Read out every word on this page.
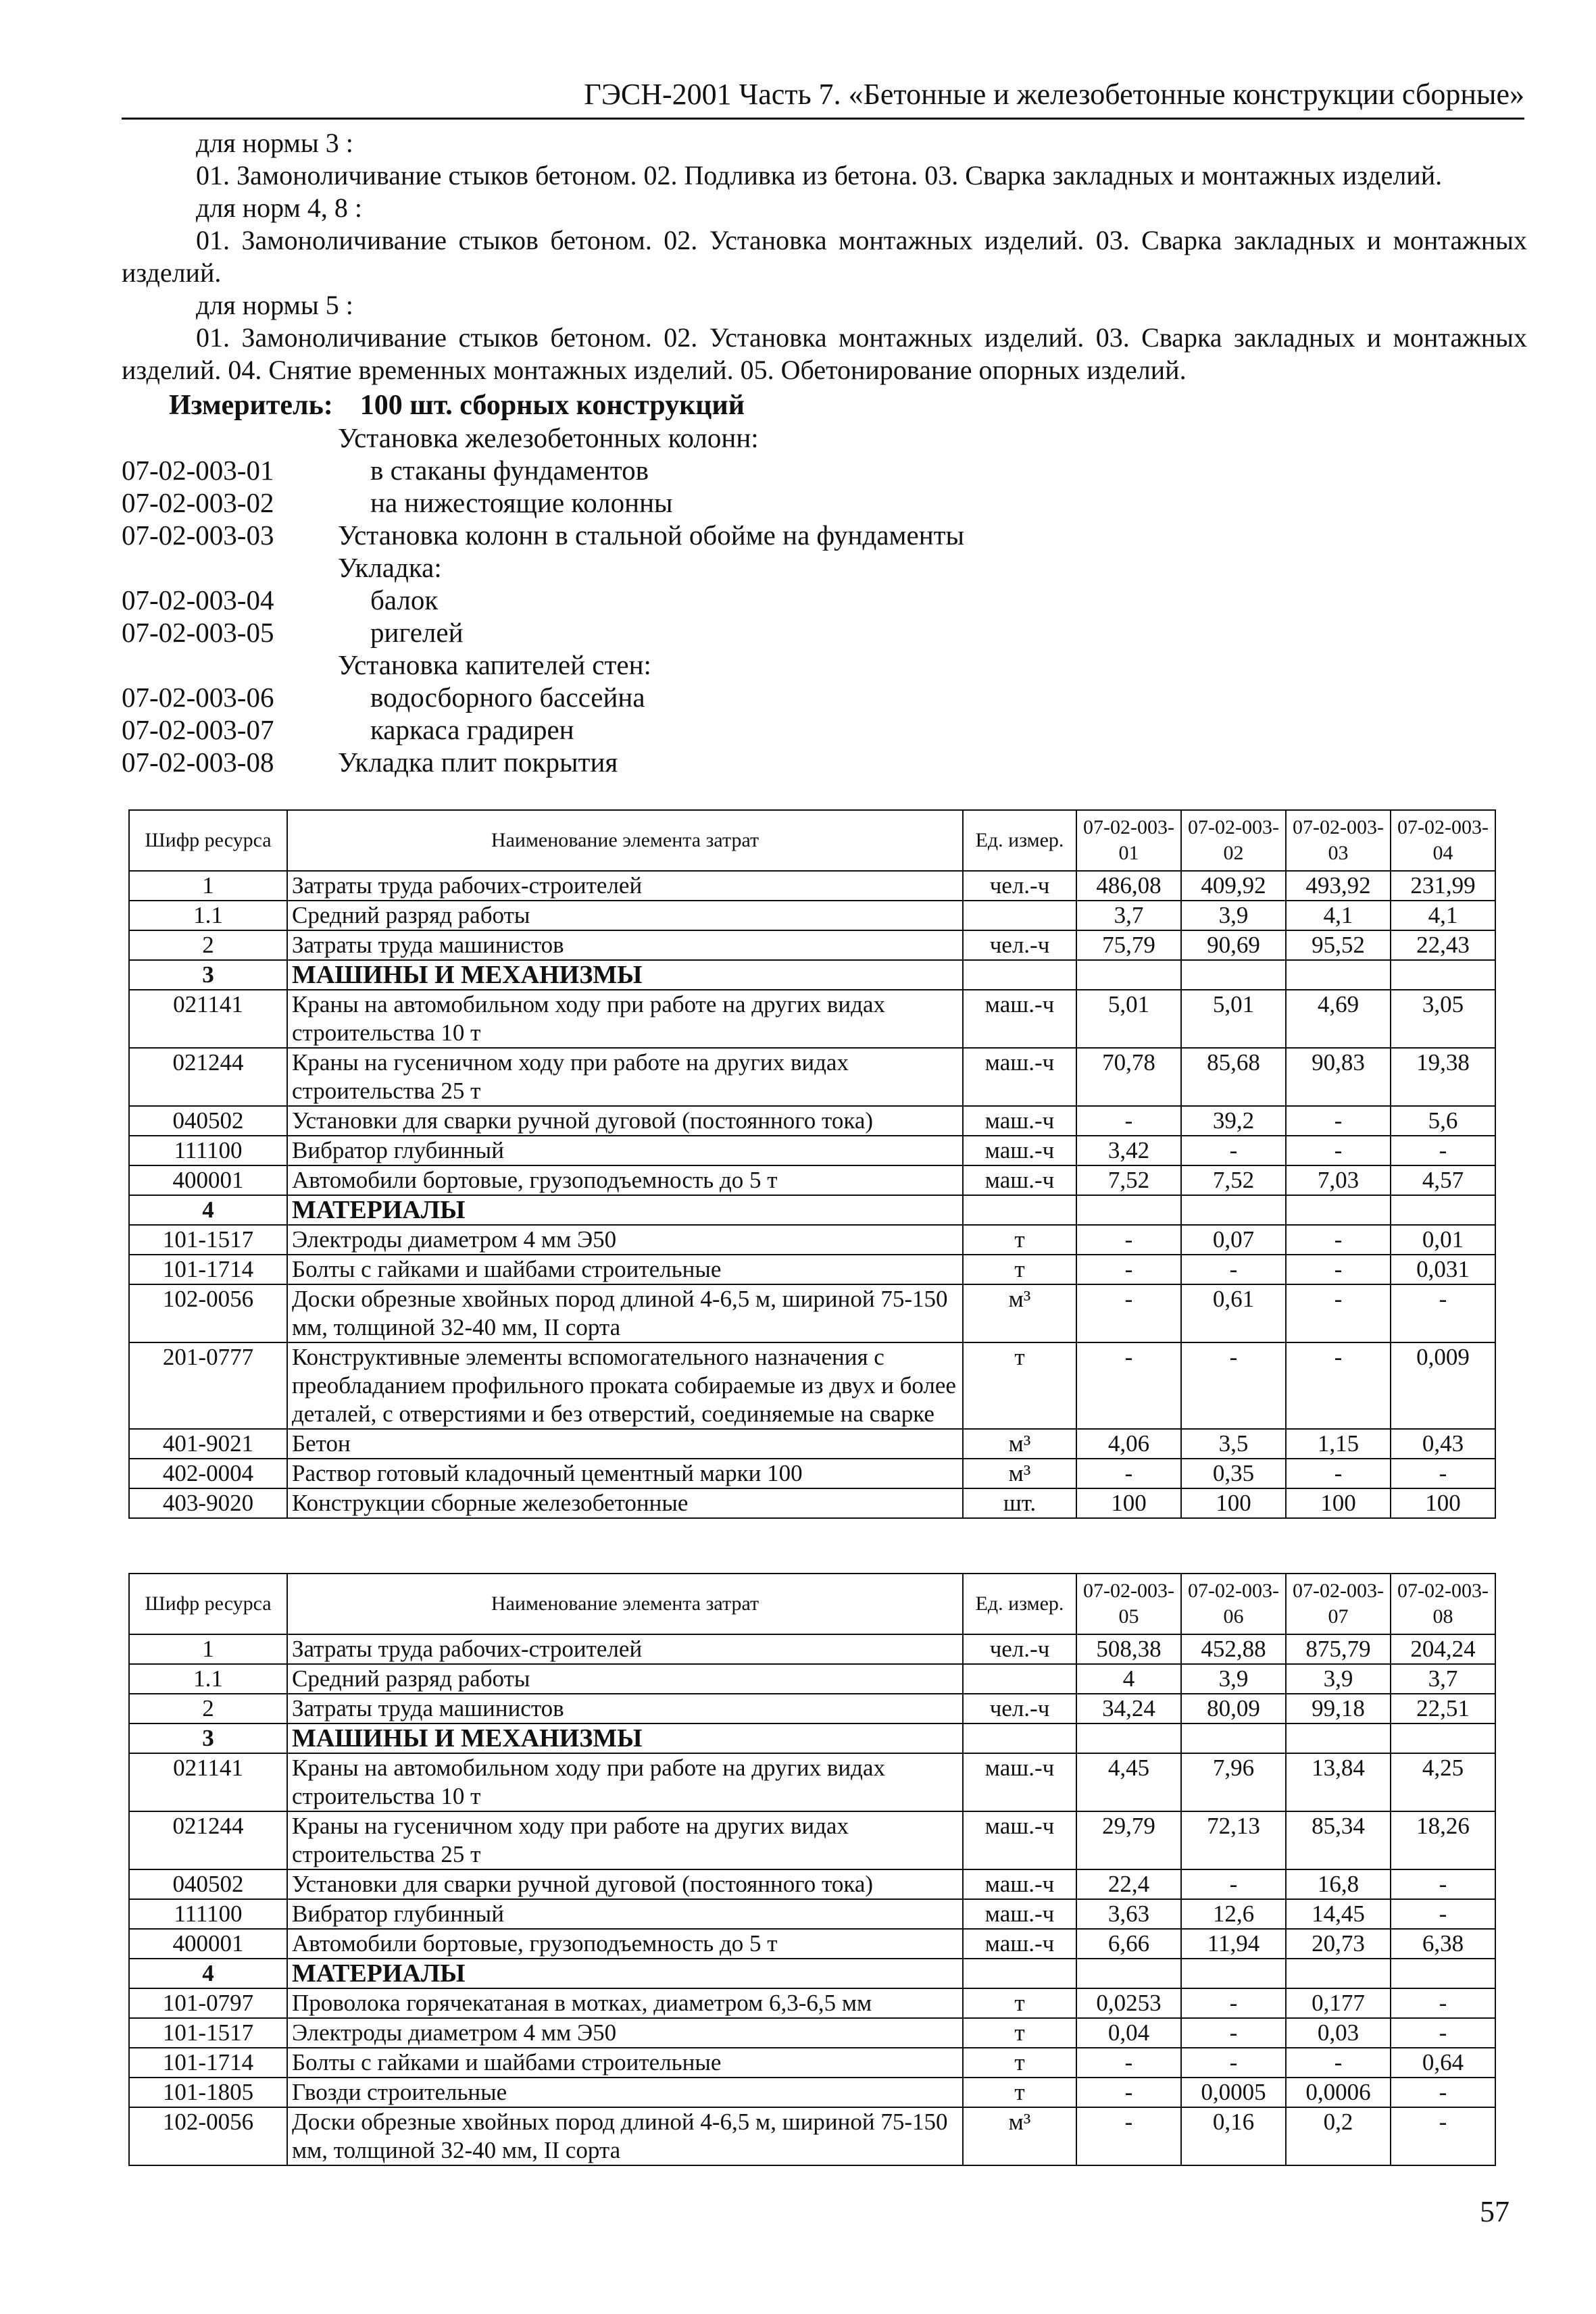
ГЭСН-2001 Часть 7. «Бетонные и железобетонные конструкции сборные»

для нормы 3 :

01. Замоноличивание стыков бетоном. 02. Подливка из бетона. 03. Сварка закладных и монтажных изделий.

для норм 4, 8 :

01. Замоноличивание стыков бетоном. 02. Установка монтажных изделий. 03. Сварка закладных и монтажных изделий.

для нормы 5 :

01. Замоноличивание стыков бетоном. 02. Установка монтажных изделий. 03. Сварка закладных и монтажных изделий. 04. Снятие временных монтажных изделий. 05. Обетонирование опорных изделий.

Измеритель: 100 шт. сборных конструкций
Установка железобетонных колонн:
07-02-003-01	в стаканы фундаментов
07-02-003-02	на нижестоящие колонны
07-02-003-03	Установка колонн в стальной обойме на фундаменты
Укладка:
07-02-003-04	балок
07-02-003-05	ригелей
Установка капителей стен:
07-02-003-06	водосборного бассейна
07-02-003-07	каркаса градирен
07-02-003-08	Укладка плит покрытия
Шифр ресурса	Наименование элемента затрат	Ед. измер.	07-02-003-01	07-02-003-02	07-02-003-03	07-02-003-04
1	Затраты труда рабочих-строителей	чел.-ч	486,08	409,92	493,92	231,99
1.1	Средний разряд работы		3,7	3,9	4,1	4,1
2	Затраты труда машинистов	чел.-ч	75,79	90,69	95,52	22,43
3	МАШИНЫ И МЕХАНИЗМЫ					
021141	Краны на автомобильном ходу при работе на других видах строительства 10 т	маш.-ч	5,01	5,01	4,69	3,05
021244	Краны на гусеничном ходу при работе на других видах строительства 25 т	маш.-ч	70,78	85,68	90,83	19,38
040502	Установки для сварки ручной дуговой (постоянного тока)	маш.-ч	-	39,2	-	5,6
111100	Вибратор глубинный	маш.-ч	3,42	-	-	-
400001	Автомобили бортовые, грузоподъемность до 5 т	маш.-ч	7,52	7,52	7,03	4,57
4	МАТЕРИАЛЫ					
101-1517	Электроды диаметром 4 мм Э50	т	-	0,07	-	0,01
101-1714	Болты с гайками и шайбами строительные	т	-	-	-	0,031
102-0056	Доски обрезные хвойных пород длиной 4-6,5 м, шириной 75-150 мм, толщиной 32-40 мм, II сорта	м³	-	0,61	-	-
201-0777	Конструктивные элементы вспомогательного назначения с преобладанием профильного проката собираемые из двух и более деталей, с отверстиями и без отверстий, соединяемые на сварке	т	-	-	-	0,009
401-9021	Бетон	м³	4,06	3,5	1,15	0,43
402-0004	Раствор готовый кладочный цементный марки 100	м³	-	0,35	-	-
403-9020	Конструкции сборные железобетонные	шт.	100	100	100	100
Шифр ресурса	Наименование элемента затрат	Ед. измер.	07-02-003-05	07-02-003-06	07-02-003-07	07-02-003-08
1	Затраты труда рабочих-строителей	чел.-ч	508,38	452,88	875,79	204,24
1.1	Средний разряд работы		4	3,9	3,9	3,7
2	Затраты труда машинистов	чел.-ч	34,24	80,09	99,18	22,51
3	МАШИНЫ И МЕХАНИЗМЫ					
021141	Краны на автомобильном ходу при работе на других видах строительства 10 т	маш.-ч	4,45	7,96	13,84	4,25
021244	Краны на гусеничном ходу при работе на других видах строительства 25 т	маш.-ч	29,79	72,13	85,34	18,26
040502	Установки для сварки ручной дуговой (постоянного тока)	маш.-ч	22,4	-	16,8	-
111100	Вибратор глубинный	маш.-ч	3,63	12,6	14,45	-
400001	Автомобили бортовые, грузоподъемность до 5 т	маш.-ч	6,66	11,94	20,73	6,38
4	МАТЕРИАЛЫ					
101-0797	Проволока горячекатаная в мотках, диаметром 6,3-6,5 мм	т	0,0253	-	0,177	-
101-1517	Электроды диаметром 4 мм Э50	т	0,04	-	0,03	-
101-1714	Болты с гайками и шайбами строительные	т	-	-	-	0,64
101-1805	Гвозди строительные	т	-	0,0005	0,0006	-
102-0056	Доски обрезные хвойных пород длиной 4-6,5 м, шириной 75-150 мм, толщиной 32-40 мм, II сорта	м³	-	0,16	0,2	-
57
